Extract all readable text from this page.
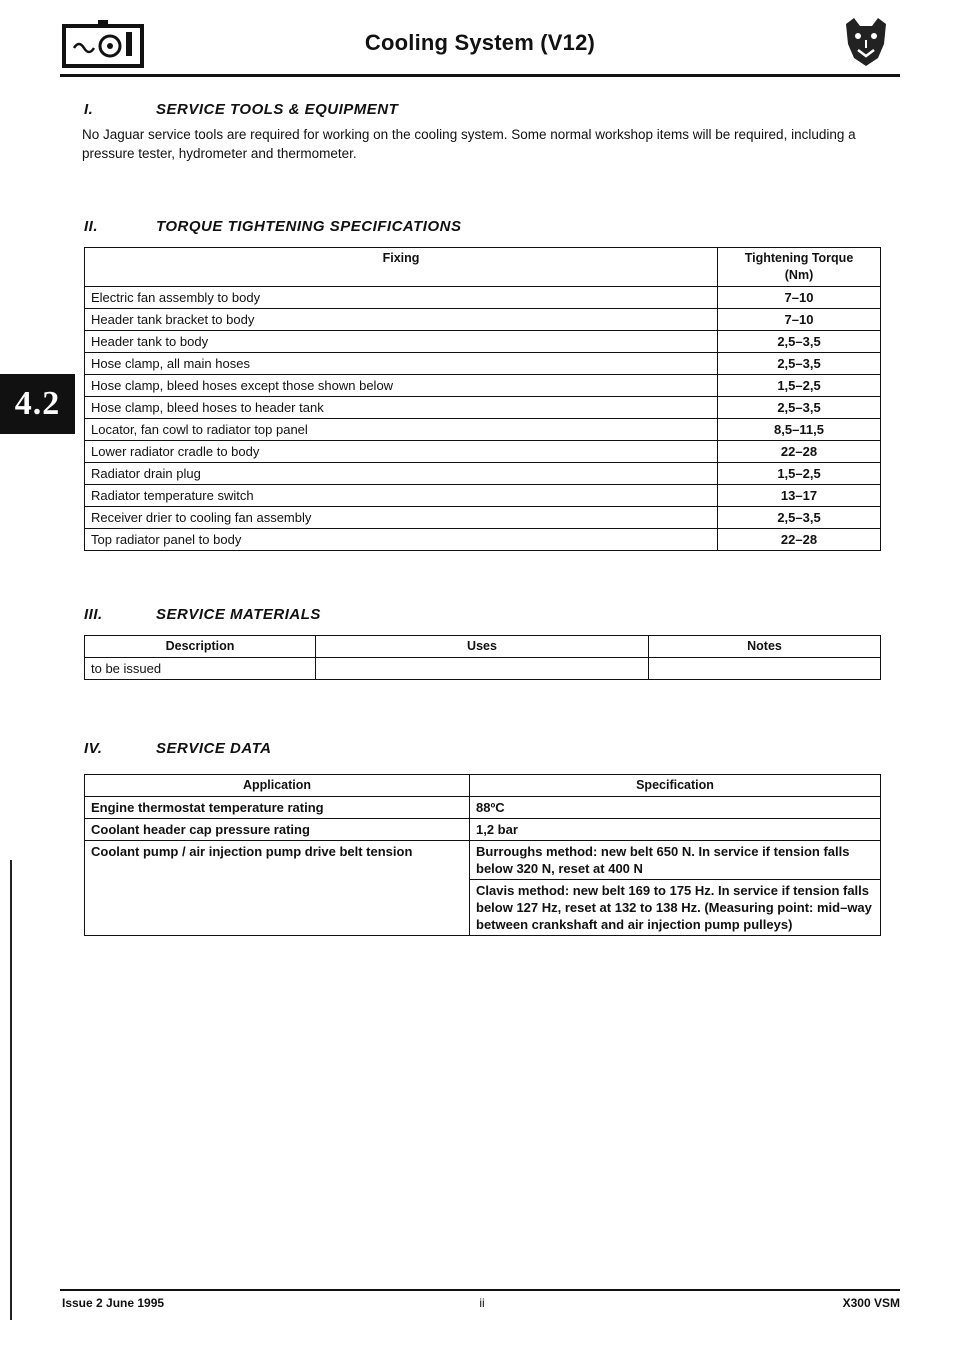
Cooling System (V12)
4.2
I.	SERVICE TOOLS & EQUIPMENT
No Jaguar service tools are required for working on the cooling system. Some normal workshop items will be required, including a pressure tester, hydrometer and thermometer.
II.	TORQUE TIGHTENING SPECIFICATIONS
Fixing	Tightening Torque
(Nm)
Electric fan assembly to body	7–10
Header tank bracket to body	7–10
Header tank to body	2,5–3,5
Hose clamp, all main hoses	2,5–3,5
Hose clamp, bleed hoses except those shown below	1,5–2,5
Hose clamp, bleed hoses to header tank	2,5–3,5
Locator, fan cowl to radiator top panel	8,5–11,5
Lower radiator cradle to body	22–28
Radiator drain plug	1,5–2,5
Radiator temperature switch	13–17
Receiver drier to cooling fan assembly	2,5–3,5
Top radiator panel to body	22–28
III.	SERVICE MATERIALS
Description	Uses	Notes
to be issued		
IV.	SERVICE DATA
Application	Specification
Engine thermostat temperature rating	88ºC
Coolant header cap pressure rating	1,2 bar
Coolant pump / air injection pump drive belt tension	Burroughs method: new belt 650 N. In service if tension falls below 320 N, reset at 400 N
	Clavis method: new belt 169 to 175 Hz. In service if tension falls below 127 Hz, reset at 132 to 138 Hz. (Measuring point: mid–way between crankshaft and air injection pump pulleys)
Issue 2 June 1995	ii	X300 VSM
